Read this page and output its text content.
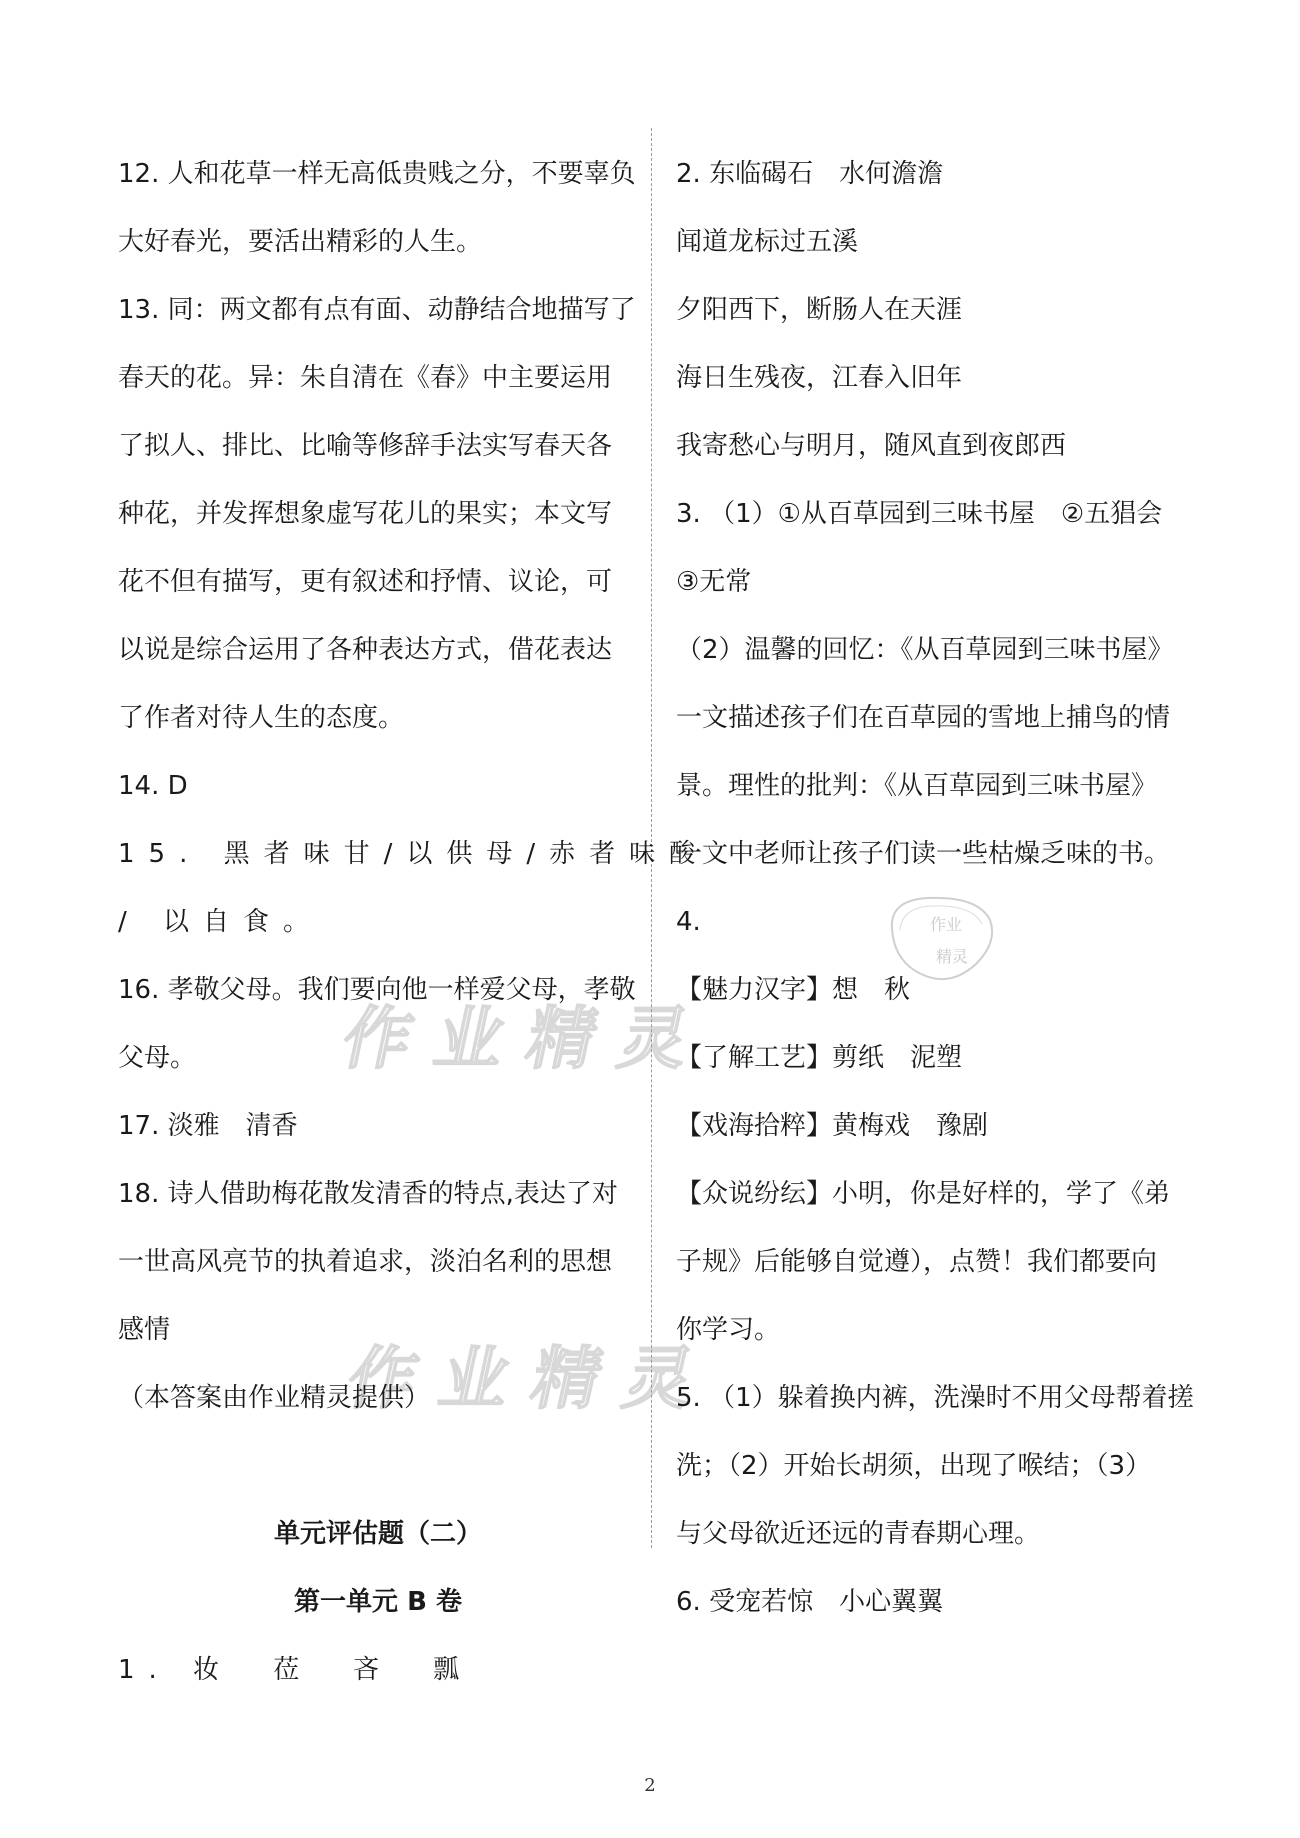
作业精灵
作业精灵
作业
精灵
12. 人和花草一样无高低贵贱之分，不要辜负
大好春光，要活出精彩的人生。
13. 同：两文都有点有面、动静结合地描写了
春天的花。异：朱自清在《春》中主要运用
了拟人、排比、比喻等修辞手法实写春天各
种花，并发挥想象虚写花儿的果实；本文写
花不但有描写，更有叙述和抒情、议论，可
以说是综合运用了各种表达方式，借花表达
了作者对待人生的态度。
14. D
15. 黑者味甘/以供母/赤者味酸
/ 以自食。
16. 孝敬父母。我们要向他一样爱父母，孝敬
父母。
17. 淡雅　清香
18. 诗人借助梅花散发清香的特点,表达了对
一世高风亮节的执着追求，淡泊名利的思想
感情
（本答案由作业精灵提供）
单元评估题（二）
第一单元 B 卷
1. 妆　莅　吝　瓢
2. 东临碣石　水何澹澹
闻道龙标过五溪
夕阳西下，断肠人在天涯
海日生残夜，江春入旧年
我寄愁心与明月，随风直到夜郎西
3. （1）①从百草园到三味书屋　②五猖会
③无常
（2）温馨的回忆：《从百草园到三味书屋》
一文描述孩子们在百草园的雪地上捕鸟的情
景。理性的批判：《从百草园到三味书屋》
一文中老师让孩子们读一些枯燥乏味的书。
4.
【魅力汉字】想　秋
【了解工艺】剪纸　泥塑
【戏海拾粹】黄梅戏　豫剧
【众说纷纭】小明，你是好样的，学了《弟
子规》后能够自觉遵），点赞！我们都要向
你学习。
5. （1）躲着换内裤，洗澡时不用父母帮着搓
洗；（2）开始长胡须，出现了喉结；（3）
与父母欲近还远的青春期心理。
6. 受宠若惊　小心翼翼
2
